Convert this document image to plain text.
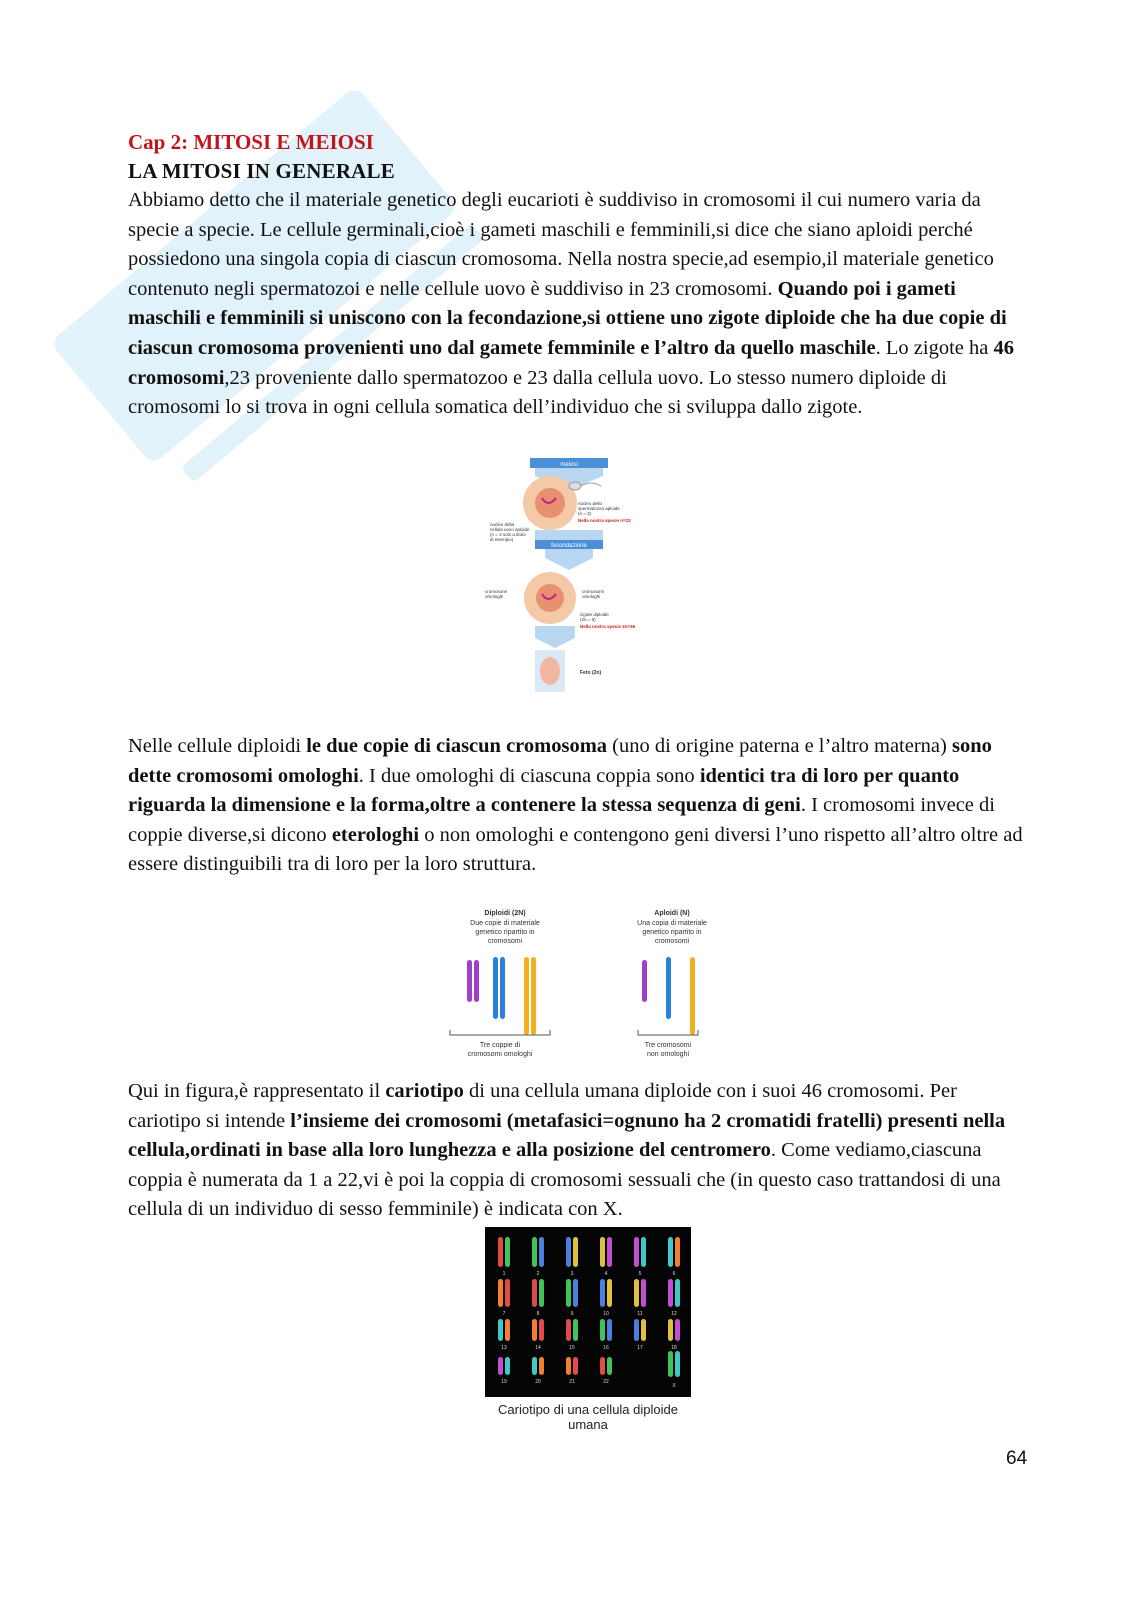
Cap 2: MITOSI E MEIOSI
LA MITOSI IN GENERALE

Abbiamo detto che il materiale genetico degli eucarioti è suddiviso in cromosomi il cui numero varia da specie a specie. Le cellule germinali,cioè i gameti maschili e femminili,si dice che siano aploidi perché possiedono una singola copia di ciascun cromosoma. Nella nostra specie,ad esempio,il materiale genetico contenuto negli spermatozoi e nelle cellule uovo è suddiviso in 23 cromosomi. Quando poi i gameti maschili e femminili si uniscono con la fecondazione,si ottiene uno zigote diploide che ha due copie di ciascun cromosoma provenienti uno dal gamete femminile e l’altro da quello maschile. Lo zigote ha 46 cromosomi,23 proveniente dallo spermatozoo e 23 dalla cellula uovo. Lo stesso numero diploide di cromosomi lo si trova in ogni cellula somatica dell’individuo che si sviluppa dallo zigote.

meiosi
nucleo dello
spermatozoo aploide
(n = 3)
Nella nostra specie n=23
nucleo della
cellula uovo aploide
(n = 3 solo a titolo
di esempio)
fecondazione
cromosomi
omologhi
cromosomi
omologhi
zigote diploide
(2n = 6)
Nella nostra specie 2n=46
Feto (2n)

Nelle cellule diploidi le due copie di ciascun cromosoma (uno di origine paterna e l’altro materna) sono dette cromosomi omologhi. I due omologhi di ciascuna coppia sono identici tra di loro per quanto riguarda la dimensione e la forma,oltre a contenere la stessa sequenza di geni. I cromosomi invece di coppie diverse,si dicono eterologhi o non omologhi e contengono geni diversi l’uno rispetto all’altro oltre ad essere distinguibili tra di loro per la loro struttura.

Diploidi (2N)
Due copie di materiale
genetico ripartito in
cromosomi
Aploidi (N)
Una copia di materiale
genetico ripartito in
cromosomi
Tre coppie di
cromosomi omologhi
Tre cromosomi
non omologhi

Qui in figura,è rappresentato il cariotipo di una cellula umana diploide con i suoi 46 cromosomi. Per cariotipo si intende l’insieme dei cromosomi (metafasici=ognuno ha 2 cromatidi fratelli) presenti nella cellula,ordinati in base alla loro lunghezza e alla posizione del centromero. Come vediamo,ciascuna coppia è numerata da 1 a 22,vi è poi la coppia di cromosomi sessuali che (in questo caso trattandosi di una cellula di un individuo di sesso femminile) è indicata con X.

1	2	3	4	5	6
7	8	9	10	11	12
13	14	15	16	17	18
19	20	21	22
X
Cariotipo di una cellula diploide umana
64
